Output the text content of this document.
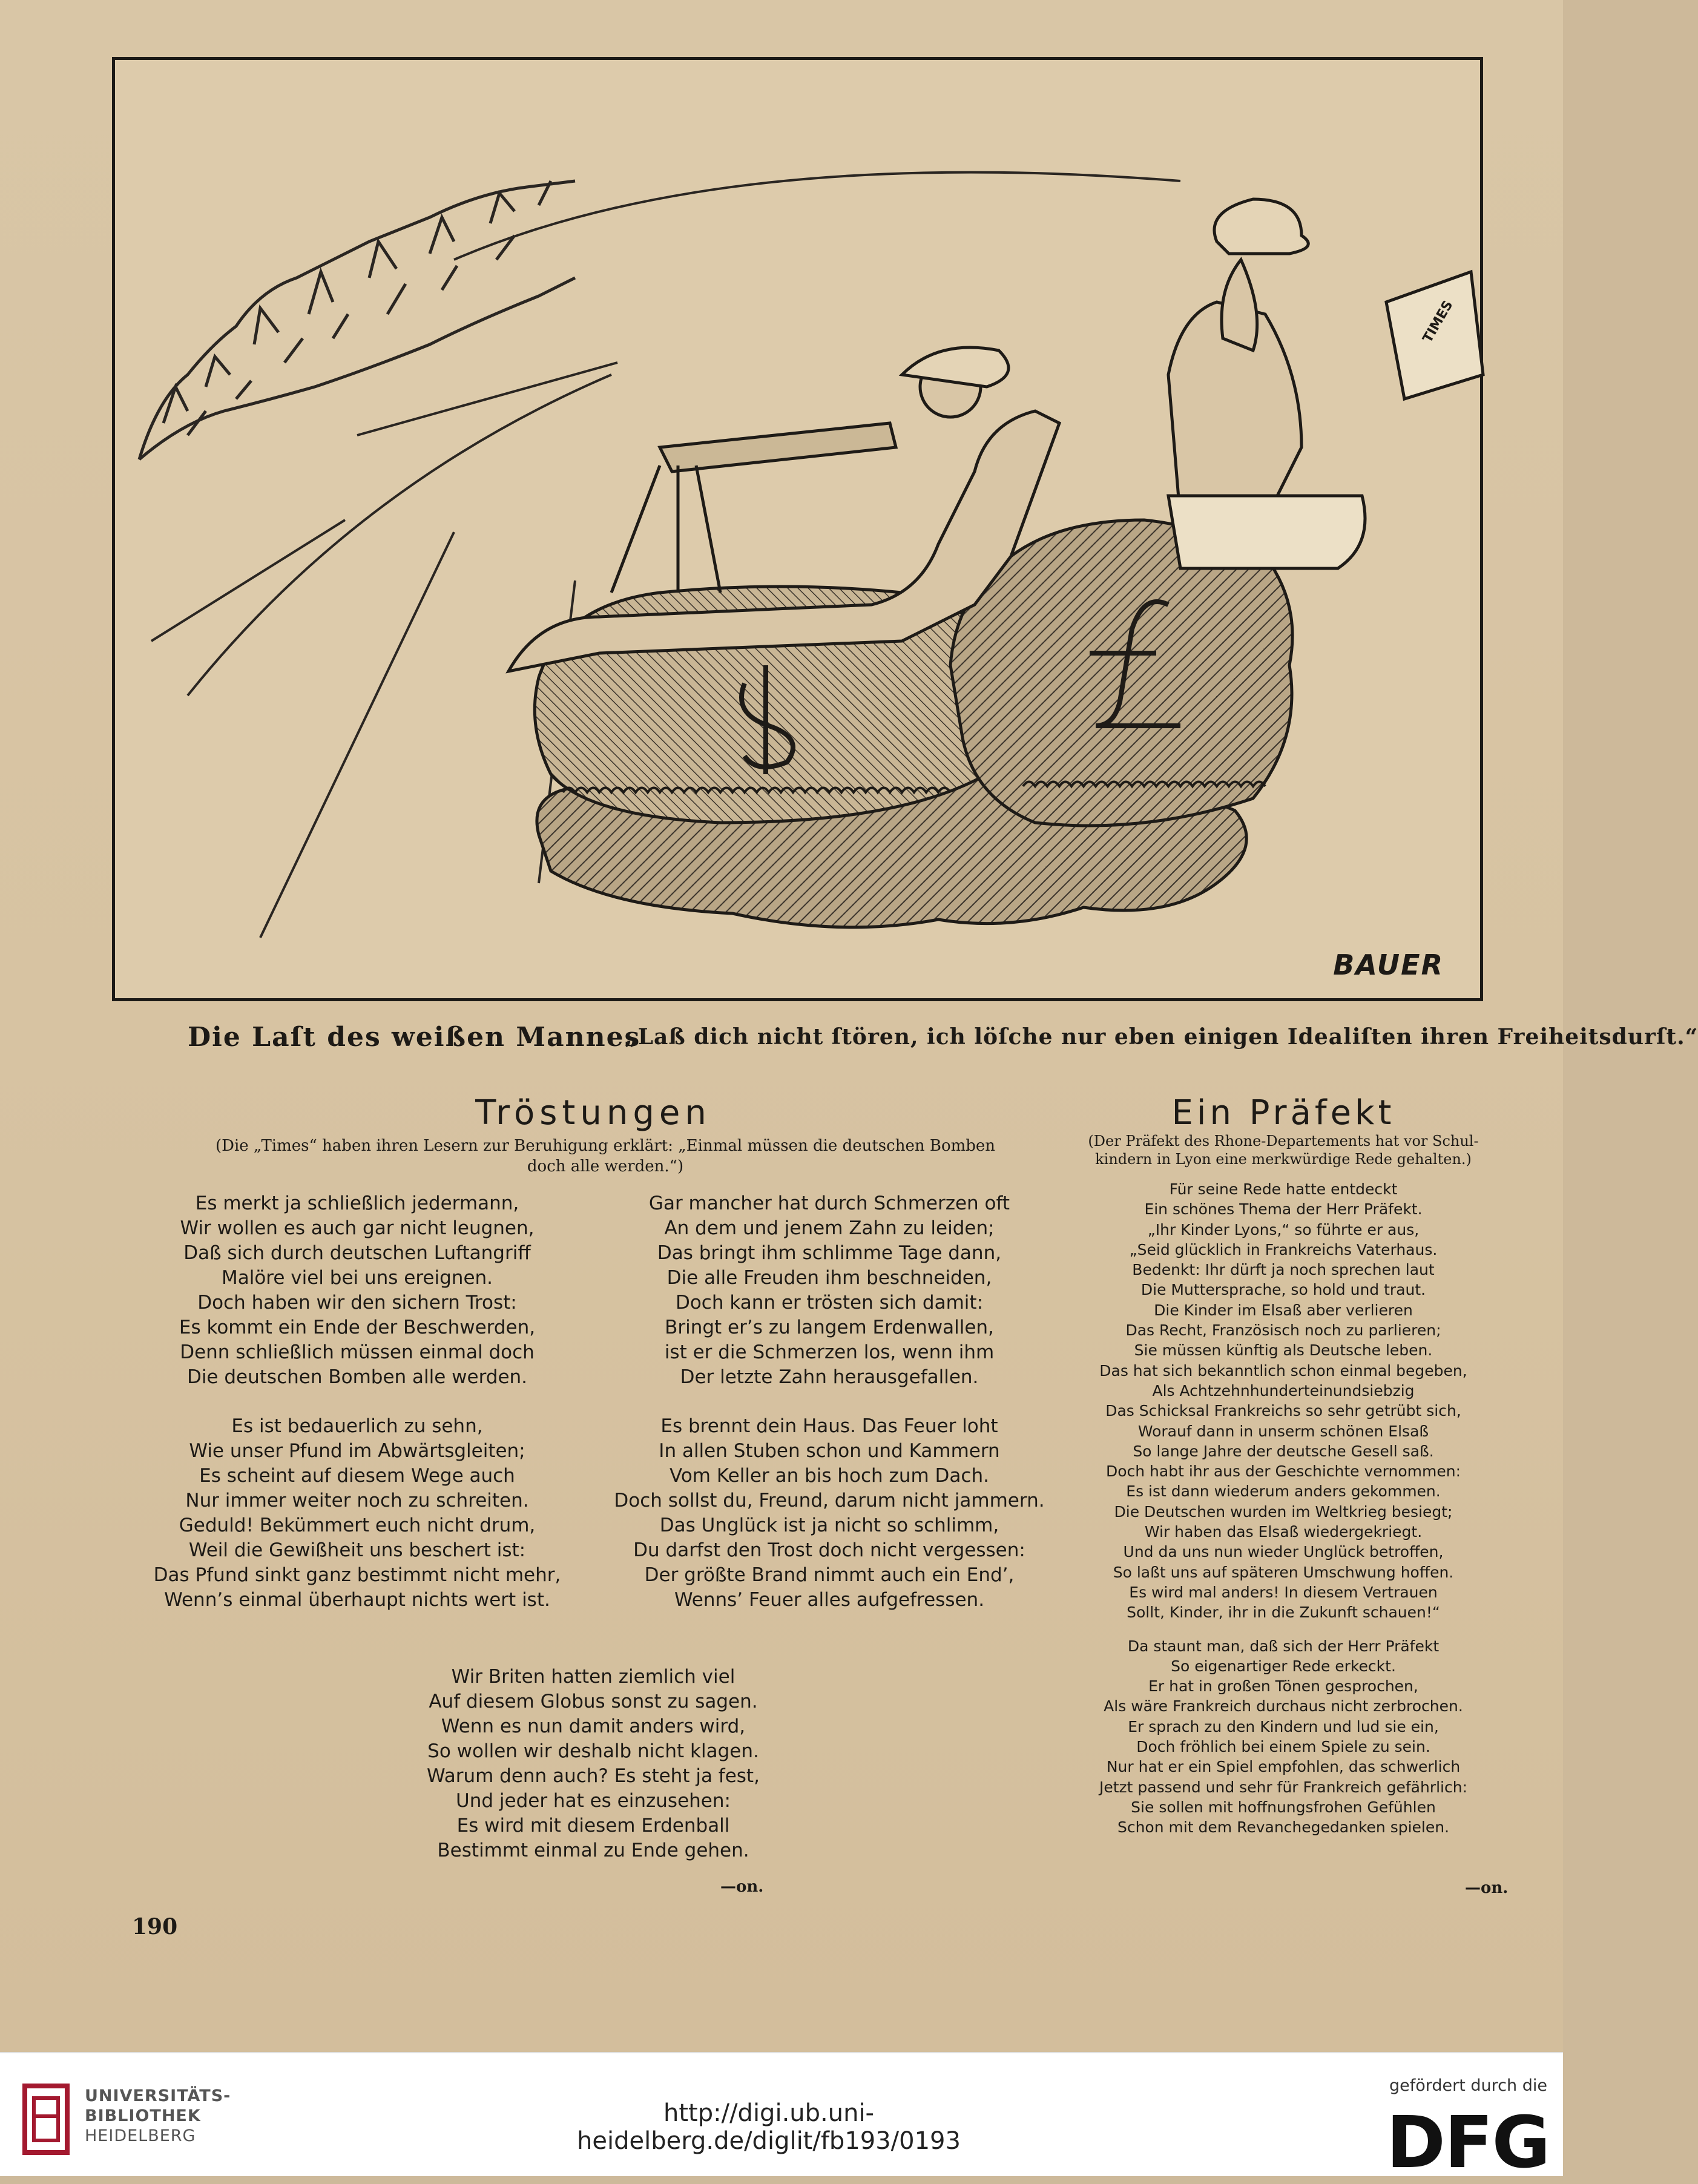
TIMES
BAUER
Die Laſt des weißen Mannes
„Laß dich nicht ſtören, ich löſche nur eben einigen Idealiſten ihren Freiheitsdurſt.“
Tröstungen
(Die „Times“ haben ihren Lesern zur Beruhigung erklärt: „Einmal müssen die deutschen Bomben
doch alle werden.“)
Es merkt ja schließlich jedermann,
Wir wollen es auch gar nicht leugnen,
Daß sich durch deutschen Luftangriff
Malöre viel bei uns ereignen.
Doch haben wir den sichern Trost:
Es kommt ein Ende der Beschwerden,
Denn schließlich müssen einmal doch
Die deutschen Bomben alle werden.
Es ist bedauerlich zu sehn,
Wie unser Pfund im Abwärtsgleiten;
Es scheint auf diesem Wege auch
Nur immer weiter noch zu schreiten.
Geduld! Bekümmert euch nicht drum,
Weil die Gewißheit uns beschert ist:
Das Pfund sinkt ganz bestimmt nicht mehr,
Wenn’s einmal überhaupt nichts wert ist.
Gar mancher hat durch Schmerzen oft
An dem und jenem Zahn zu leiden;
Das bringt ihm schlimme Tage dann,
Die alle Freuden ihm beschneiden,
Doch kann er trösten sich damit:
Bringt er’s zu langem Erdenwallen,
ist er die Schmerzen los, wenn ihm
Der letzte Zahn herausgefallen.
Es brennt dein Haus. Das Feuer loht
In allen Stuben schon und Kammern
Vom Keller an bis hoch zum Dach.
Doch sollst du, Freund, darum nicht jammern.
Das Unglück ist ja nicht so schlimm,
Du darfst den Trost doch nicht vergessen:
Der größte Brand nimmt auch ein End’,
Wenns’ Feuer alles aufgefressen.
Wir Briten hatten ziemlich viel
Auf diesem Globus sonst zu sagen.
Wenn es nun damit anders wird,
So wollen wir deshalb nicht klagen.
Warum denn auch? Es steht ja fest,
Und jeder hat es einzusehen:
Es wird mit diesem Erdenball
Bestimmt einmal zu Ende gehen.
—on.
Ein Präfekt
(Der Präfekt des Rhone-Departements hat vor Schul-
kindern in Lyon eine merkwürdige Rede gehalten.)
Für seine Rede hatte entdeckt
Ein schönes Thema der Herr Präfekt.
„Ihr Kinder Lyons,“ so führte er aus,
„Seid glücklich in Frankreichs Vaterhaus.
Bedenkt: Ihr dürft ja noch sprechen laut
Die Muttersprache, so hold und traut.
Die Kinder im Elsaß aber verlieren
Das Recht, Französisch noch zu parlieren;
Sie müssen künftig als Deutsche leben.
Das hat sich bekanntlich schon einmal begeben,
Als Achtzehnhunderteinundsiebzig
Das Schicksal Frankreichs so sehr getrübt sich,
Worauf dann in unserm schönen Elsaß
So lange Jahre der deutsche Gesell saß.
Doch habt ihr aus der Geschichte vernommen:
Es ist dann wiederum anders gekommen.
Die Deutschen wurden im Weltkrieg besiegt;
Wir haben das Elsaß wiedergekriegt.
Und da uns nun wieder Unglück betroffen,
So laßt uns auf späteren Umschwung hoffen.
Es wird mal anders! In diesem Vertrauen
Sollt, Kinder, ihr in die Zukunft schauen!“
Da staunt man, daß sich der Herr Präfekt
So eigenartiger Rede erkeckt.
Er hat in großen Tönen gesprochen,
Als wäre Frankreich durchaus nicht zerbrochen.
Er sprach zu den Kindern und lud sie ein,
Doch fröhlich bei einem Spiele zu sein.
Nur hat er ein Spiel empfohlen, das schwerlich
Jetzt passend und sehr für Frankreich gefährlich:
Sie sollen mit hoffnungsfrohen Gefühlen
Schon mit dem Revanchegedanken spielen.
—on.
190
UNIVERSITÄTS-
BIBLIOTHEK
HEIDELBERG
http://digi.ub.uni-heidelberg.de/diglit/fb193/0193
gefördert durch die
DFG
